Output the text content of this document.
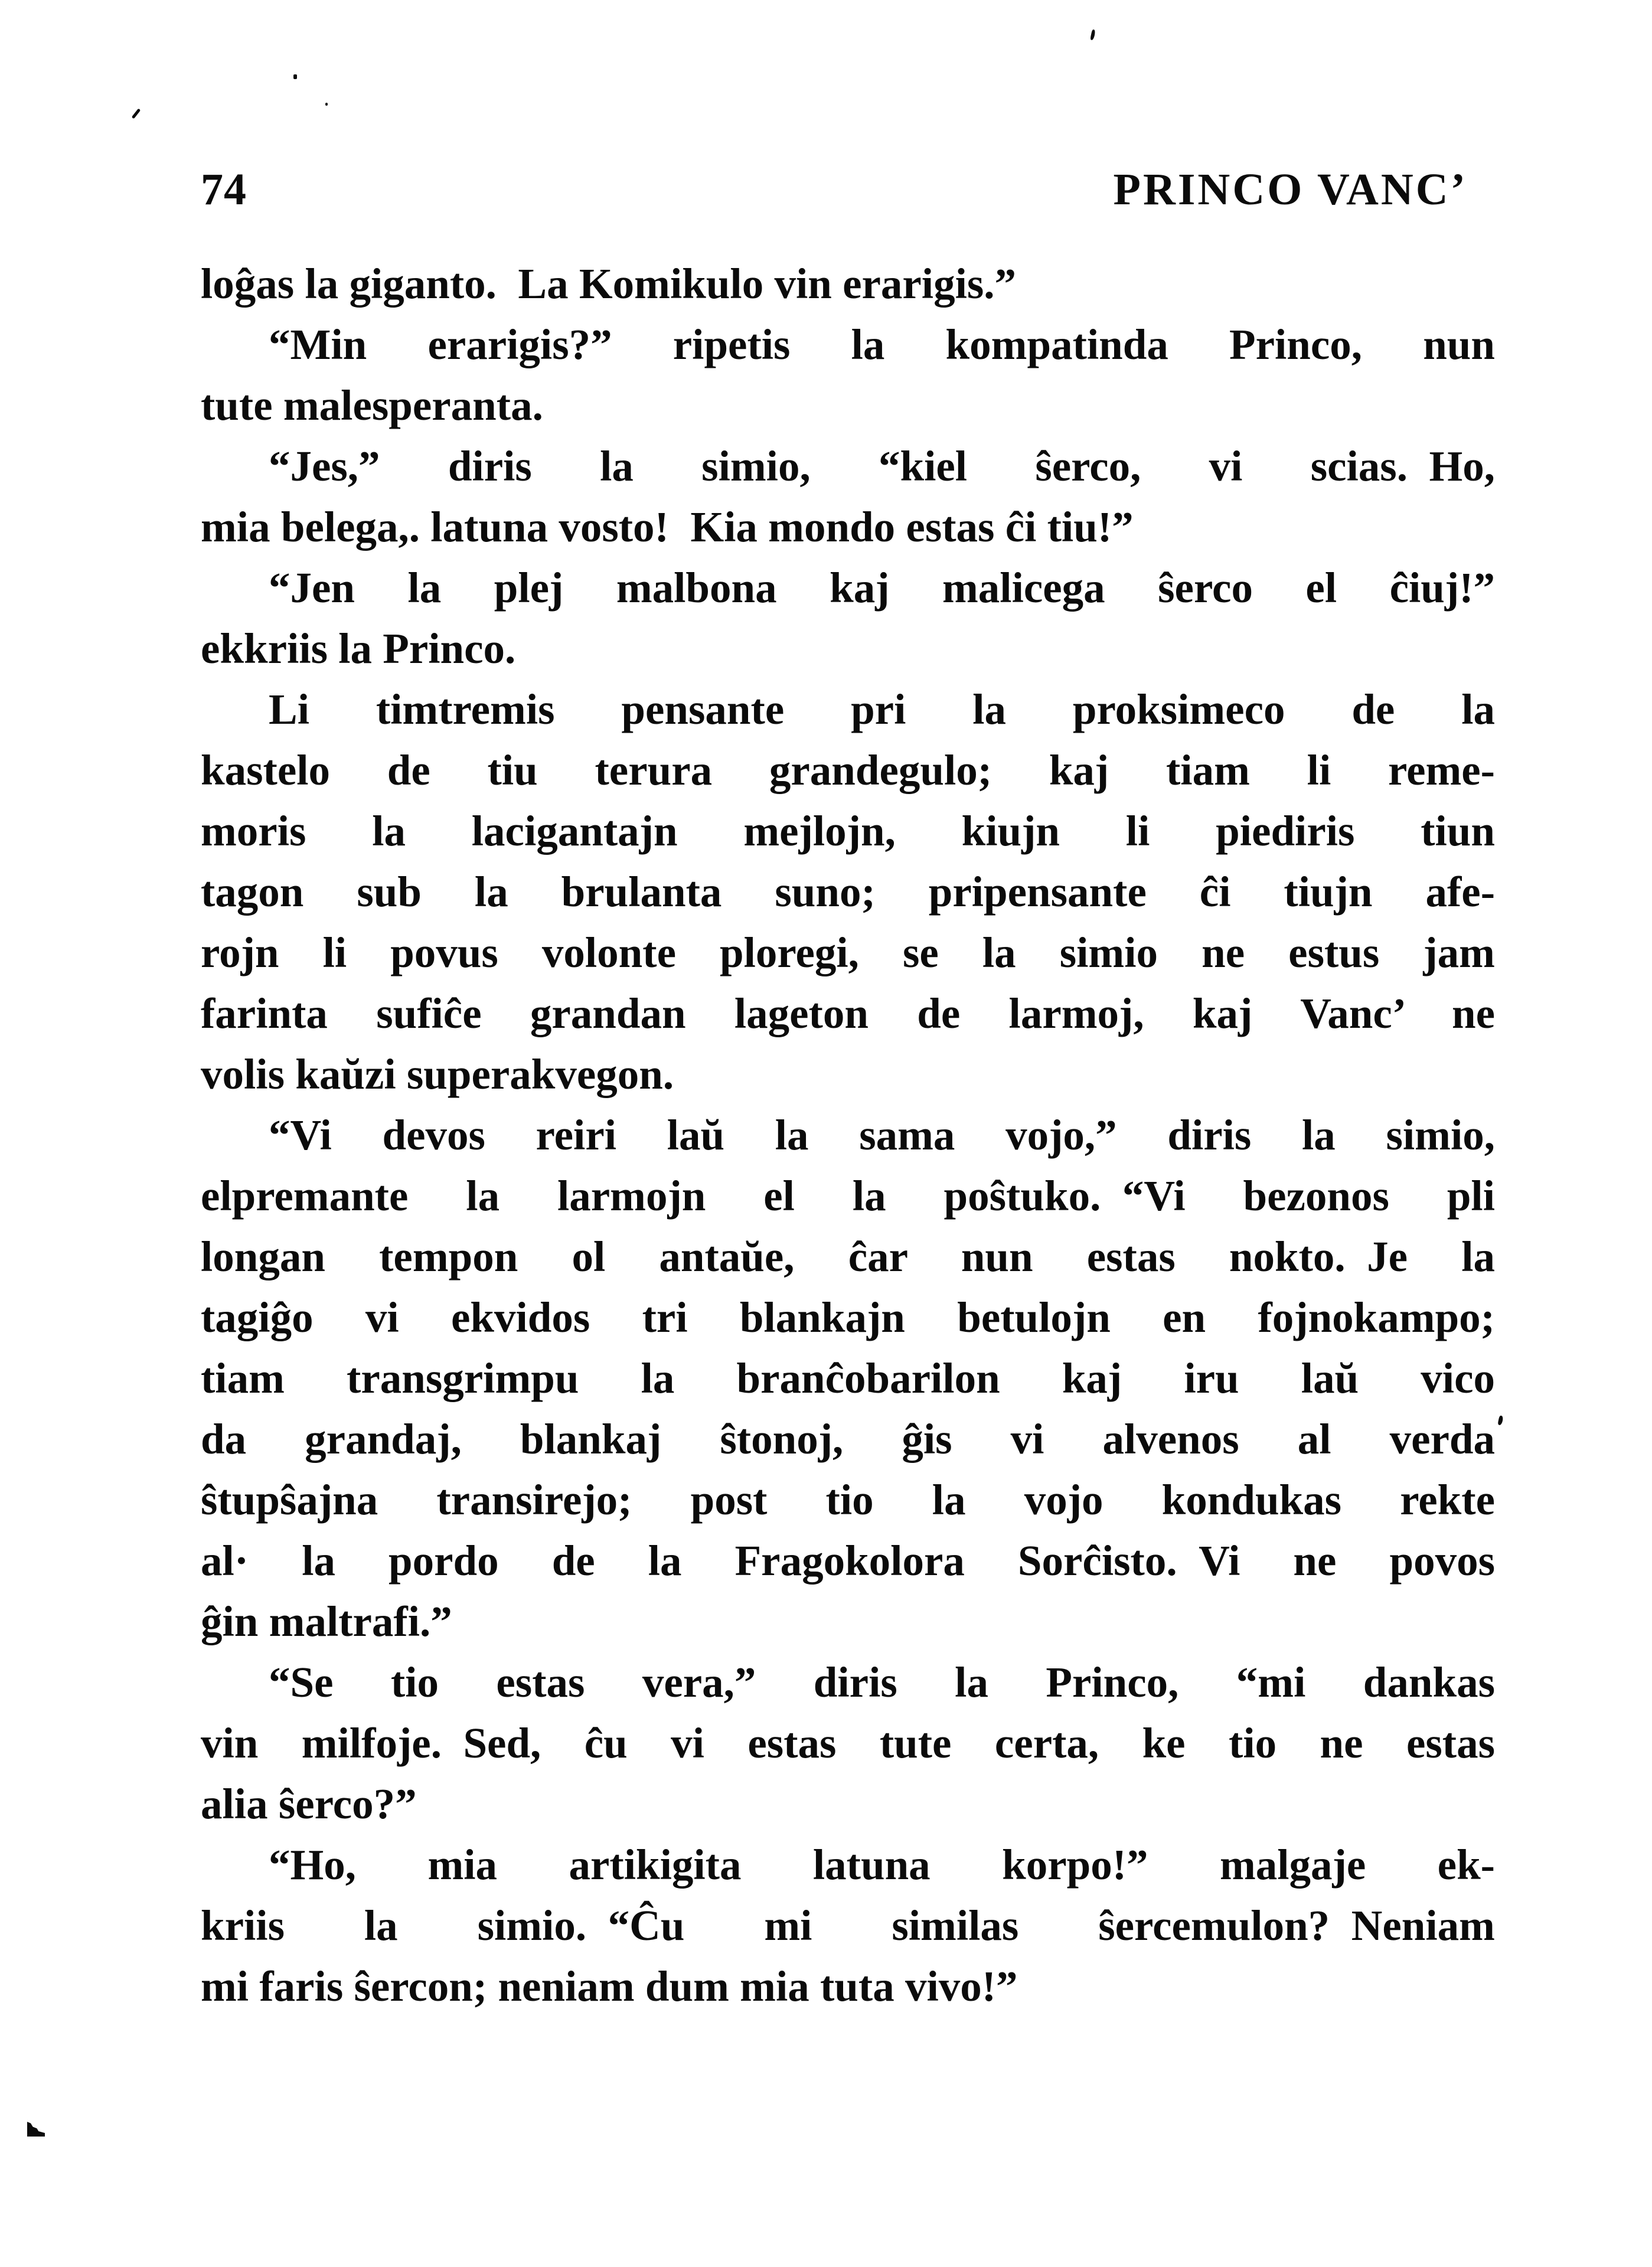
74	PRINCO VANC’
loĝas la giganto. La Komikulo vin erarigis.”
“Min erarigis?” ripetis la kompatinda Princo, nun
tute malesperanta.
“Jes,” diris la simio, “kiel ŝerco, vi scias. Ho,
mia belega,. latuna vosto! Kia mondo estas ĉi tiu!”
“Jen la plej malbona kaj malicega ŝerco el ĉiuj!”
ekkriis la Princo.
Li timtremis pensante pri la proksimeco de la
kastelo de tiu terura grandegulo; kaj tiam li reme-
moris la lacigantajn mejlojn, kiujn li piediris tiun
tagon sub la brulanta suno; pripensante ĉi tiujn afe-
rojn li povus volonte ploregi, se la simio ne estus jam
farinta sufiĉe grandan lageton de larmoj, kaj Vanc’ ne
volis kaŭzi superakvegon.
“Vi devos reiri laŭ la sama vojo,” diris la simio,
elpremante la larmojn el la poŝtuko. “Vi bezonos pli
longan tempon ol antaŭe, ĉar nun estas nokto. Je la
tagiĝo vi ekvidos tri blankajn betulojn en fojnokampo;
tiam transgrimpu la branĉobarilon kaj iru laŭ vico
da grandaj, blankaj ŝtonoj, ĝis vi alvenos al verda
ŝtupŝajna transirejo; post tio la vojo kondukas rekte
al· la pordo de la Fragokolora Sorĉisto. Vi ne povos
ĝin maltrafi.”
“Se tio estas vera,” diris la Princo, “mi dankas
vin milfoje. Sed, ĉu vi estas tute certa, ke tio ne estas
alia ŝerco?”
“Ho, mia artikigita latuna korpo!” malgaje ek-
kriis la simio. “Ĉu mi similas ŝercemulon? Neniam
mi faris ŝercon; neniam dum mia tuta vivo!”
